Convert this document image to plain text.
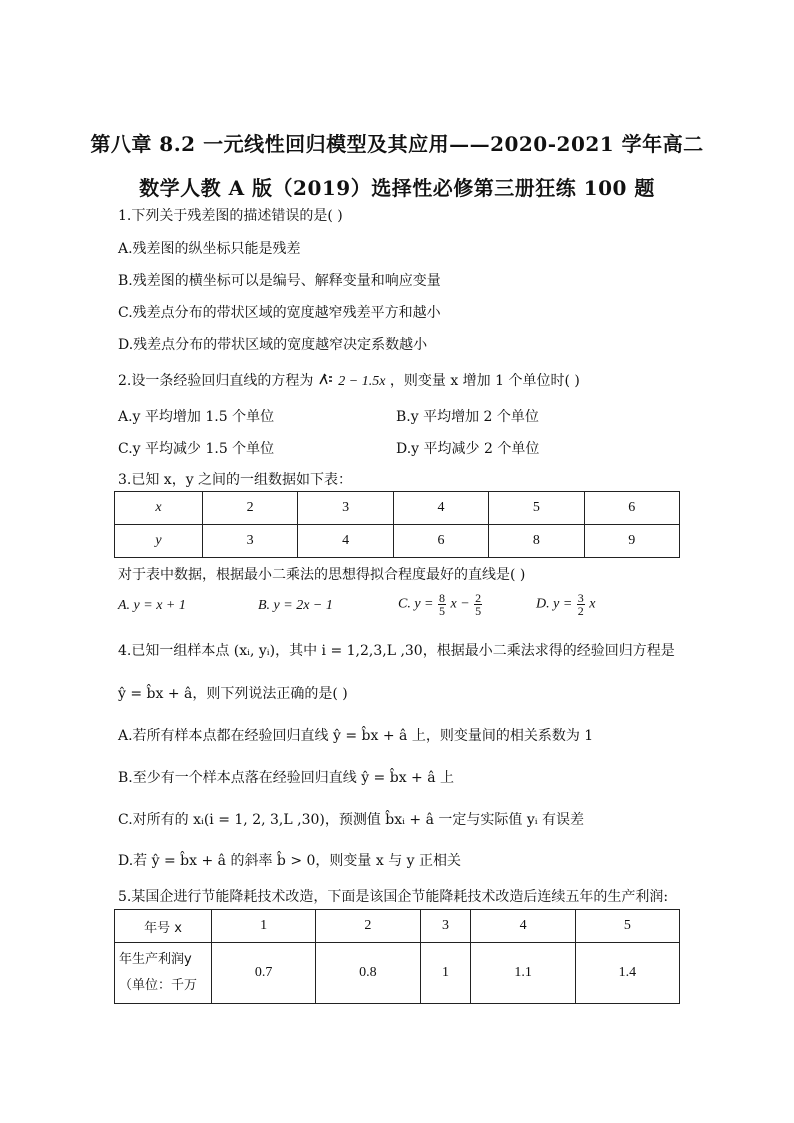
第八章 8.2 一元线性回归模型及其应用——2020-2021 学年高二
数学人教 A 版（2019）选择性必修第三册狂练 100 题
1.下列关于残差图的描述错误的是( )
A.残差图的纵坐标只能是残差
B.残差图的横坐标可以是编号、解释变量和响应变量
C.残差点分布的带状区域的宽度越窄残差平方和越小
D.残差点分布的带状区域的宽度越窄决定系数越小
2.设一条经验回归直线的方程为 2 − 1.5x ，则变量 x 增加 1 个单位时( )
A.y 平均增加 1.5 个单位	B.y 平均增加 2 个单位
C.y 平均减少 1.5 个单位	D.y 平均减少 2 个单位
3.已知 x，y 之间的一组数据如下表：
x	2	3	4	5	6
y	3	4	6	8	9
对于表中数据，根据最小二乘法的思想得拟合程度最好的直线是( )
A. y = x + 1	B. y = 2x − 1	C. $y = \frac{8}{5}$ $x - \frac{2}{5}$	D. $y = \frac{3}{2}$ x
4.已知一组样本点 (xᵢ, yᵢ)，其中 i = 1,2,3,L ,30，根据最小二乘法求得的经验回归方程是
ŷ = b̂x + â，则下列说法正确的是( )
A.若所有样本点都在经验回归直线 ŷ = b̂x + â 上，则变量间的相关系数为 1
B.至少有一个样本点落在经验回归直线 ŷ = b̂x + â 上
C.对所有的 xᵢ(i = 1, 2, 3,L ,30)，预测值 b̂xᵢ + â 一定与实际值 yᵢ 有误差
D.若 ŷ = b̂x + â 的斜率 b̂ > 0，则变量 x 与 y 正相关
5.某国企进行节能降耗技术改造，下面是该国企节能降耗技术改造后连续五年的生产利润:
年号 x	1	2	3	4	5

年生产利润y
（单位：千万	0.7	0.8	1	1.1	1.4
